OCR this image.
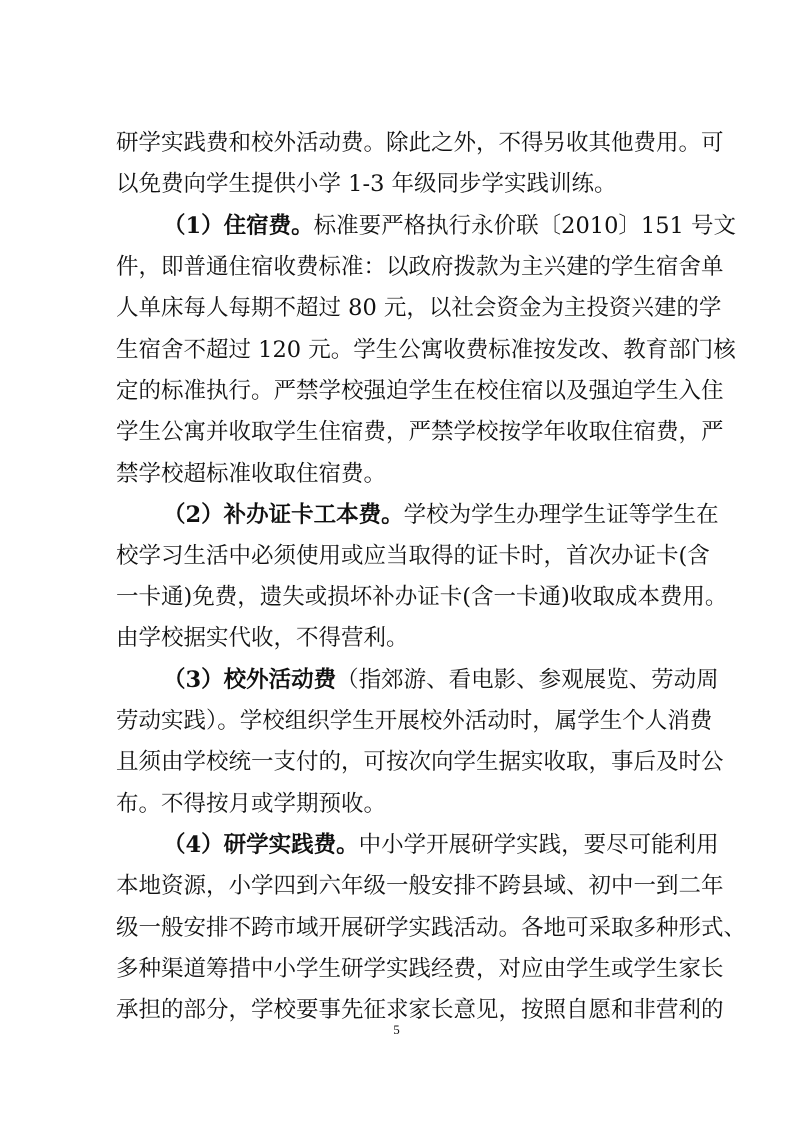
研学实践费和校外活动费。除此之外，不得另收其他费用。可
以免费向学生提供小学 1-3 年级同步学实践训练。
（1）住宿费。标准要严格执行永价联〔2010〕151 号文
件，即普通住宿收费标准：以政府拨款为主兴建的学生宿舍单
人单床每人每期不超过 80 元，以社会资金为主投资兴建的学
生宿舍不超过 120 元。学生公寓收费标准按发改、教育部门核
定的标准执行。严禁学校强迫学生在校住宿以及强迫学生入住
学生公寓并收取学生住宿费，严禁学校按学年收取住宿费，严
禁学校超标准收取住宿费。
（2）补办证卡工本费。学校为学生办理学生证等学生在
校学习生活中必须使用或应当取得的证卡时，首次办证卡(含
一卡通)免费，遗失或损坏补办证卡(含一卡通)收取成本费用。
由学校据实代收，不得营利。
（3）校外活动费（指郊游、看电影、参观展览、劳动周
劳动实践）。学校组织学生开展校外活动时，属学生个人消费
且须由学校统一支付的，可按次向学生据实收取，事后及时公
布。不得按月或学期预收。
（4）研学实践费。中小学开展研学实践，要尽可能利用
本地资源，小学四到六年级一般安排不跨县域、初中一到二年
级一般安排不跨市域开展研学实践活动。各地可采取多种形式、
多种渠道筹措中小学生研学实践经费，对应由学生或学生家长
承担的部分，学校要事先征求家长意见，按照自愿和非营利的
5
